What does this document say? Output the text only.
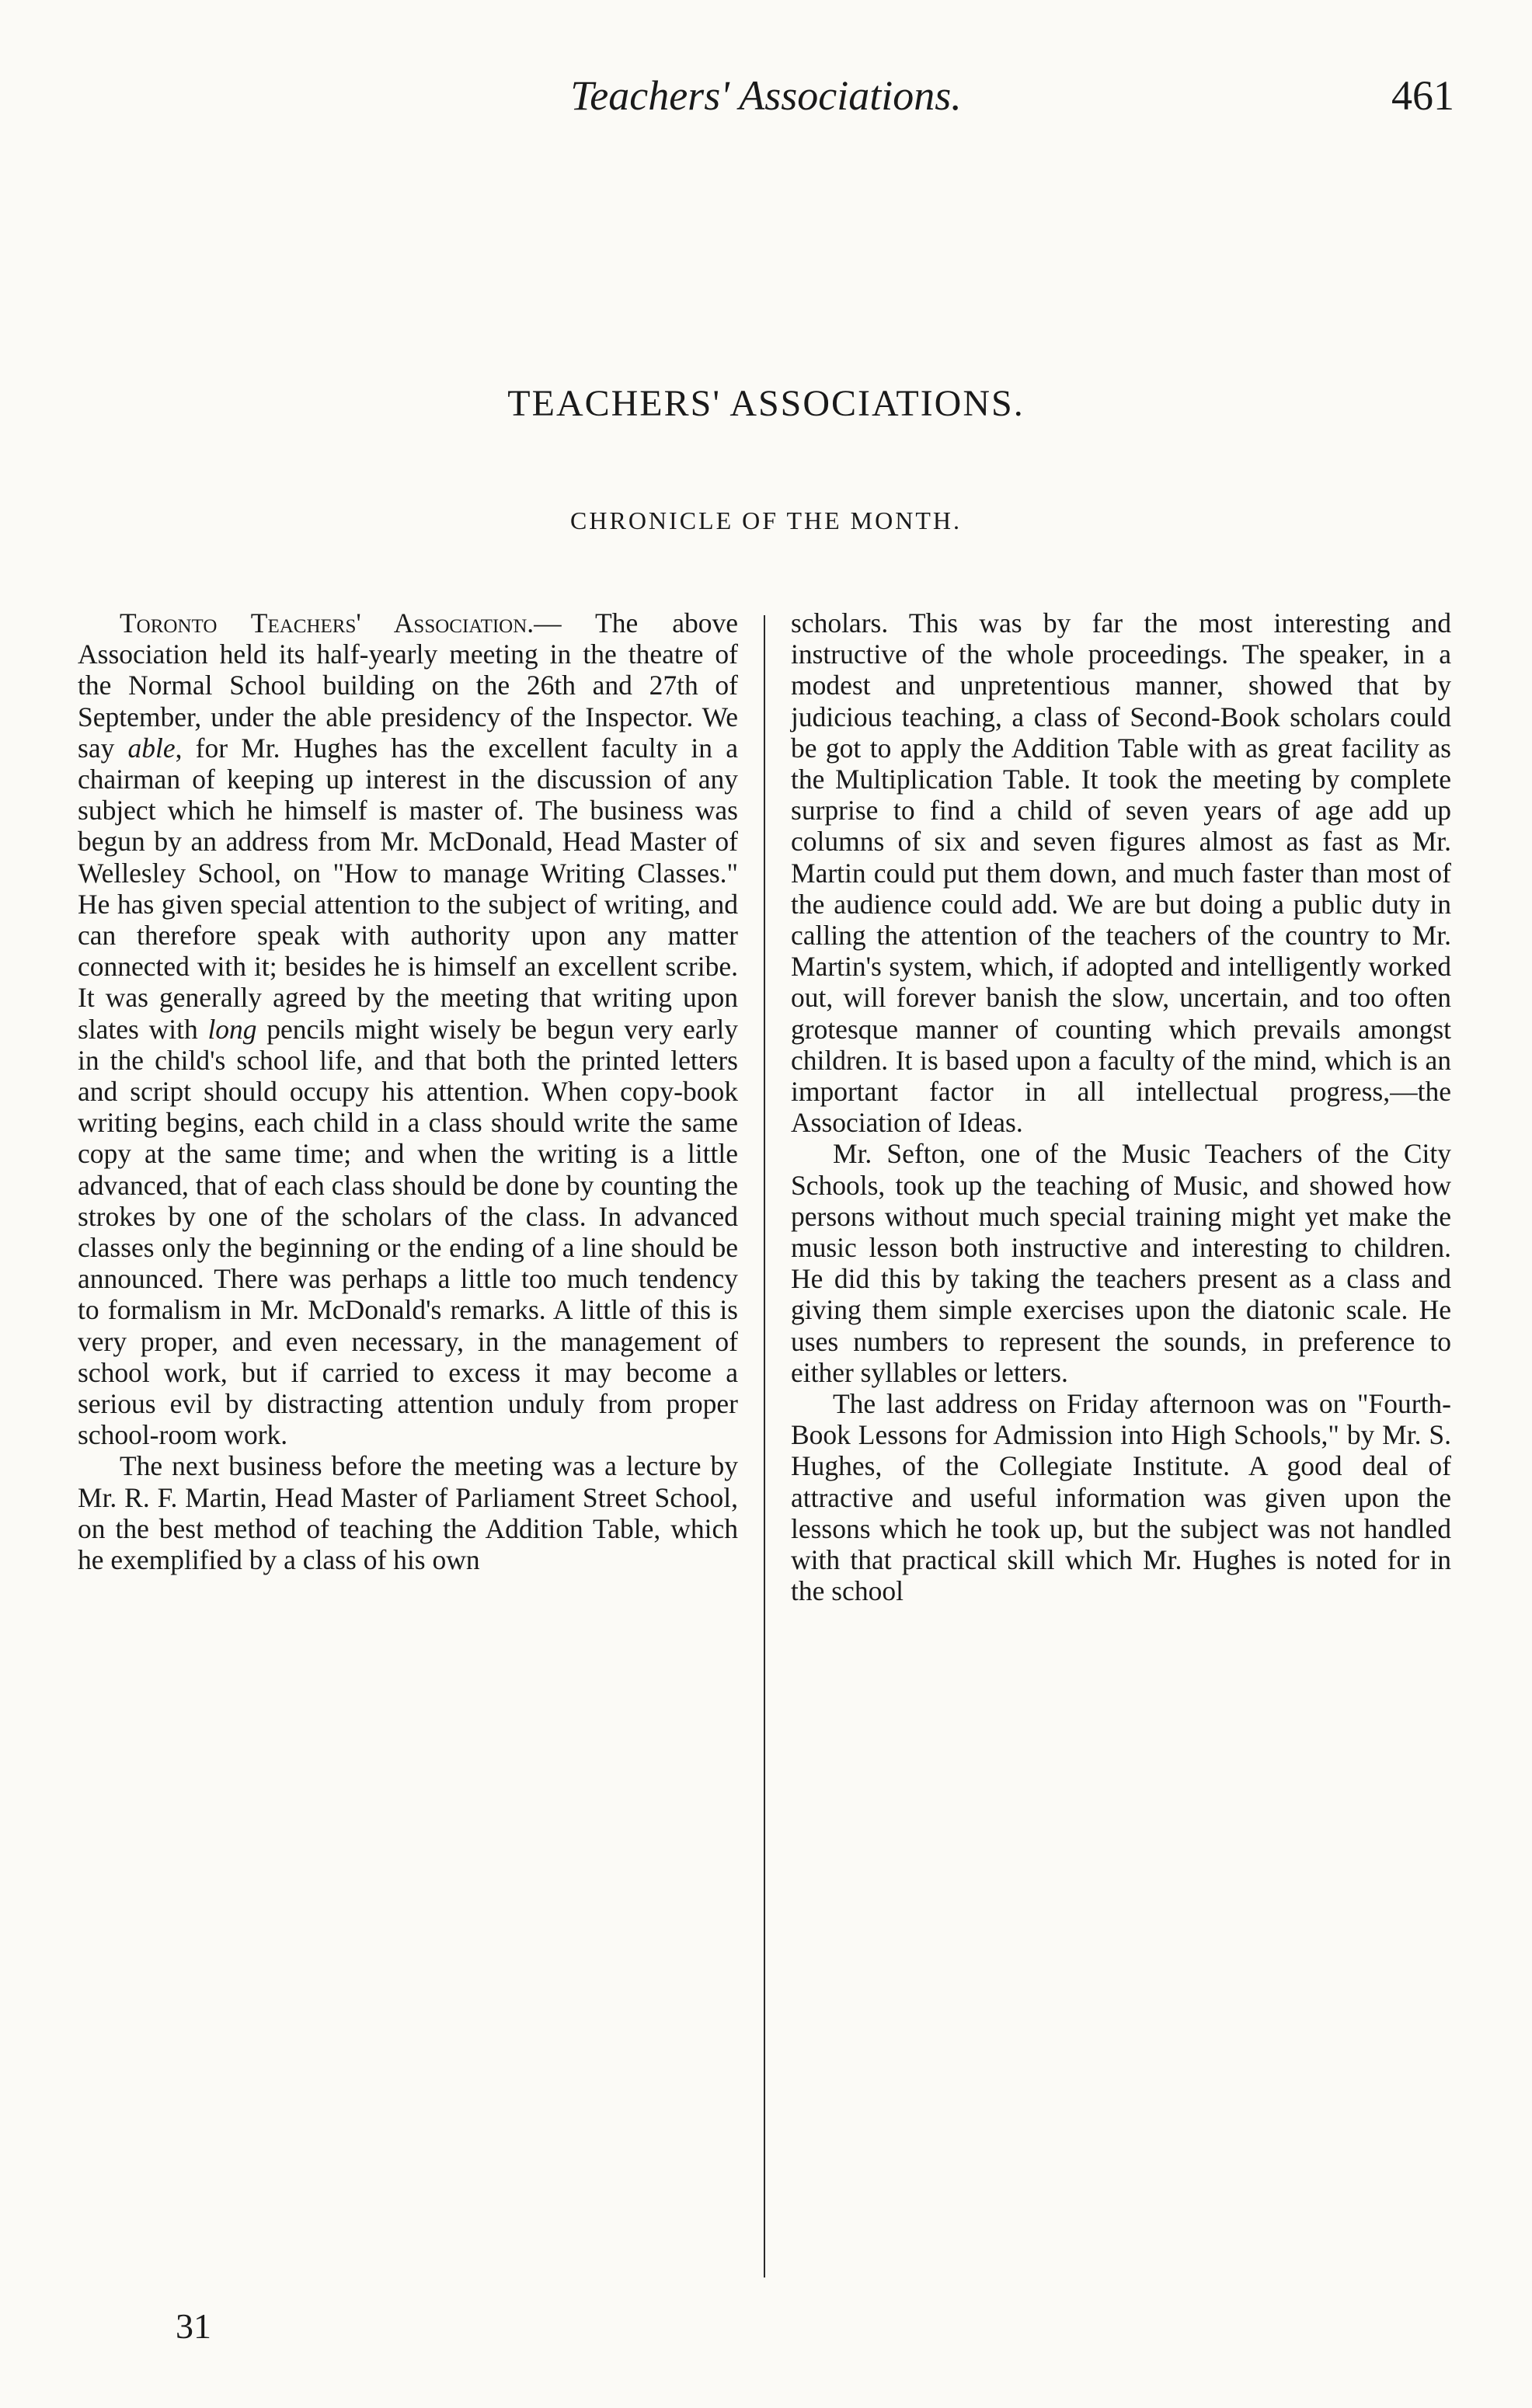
Teachers' Associations.	461
TEACHERS' ASSOCIATIONS.
CHRONICLE OF THE MONTH.

Toronto Teachers' Association.— The above Association held its half-yearly meeting in the theatre of the Normal School building on the 26th and 27th of September, under the able presidency of the Inspector. We say able, for Mr. Hughes has the excellent faculty in a chairman of keeping up interest in the discussion of any subject which he himself is master of. The business was begun by an address from Mr. McDonald, Head Master of Wellesley School, on "How to manage Writing Classes." He has given special attention to the subject of writing, and can therefore speak with authority upon any matter connected with it; besides he is himself an excellent scribe. It was generally agreed by the meeting that writing upon slates with long pencils might wisely be begun very early in the child's school life, and that both the printed letters and script should occupy his attention. When copy-book writing begins, each child in a class should write the same copy at the same time; and when the writing is a little advanced, that of each class should be done by counting the strokes by one of the scholars of the class. In advanced classes only the beginning or the ending of a line should be announced. There was perhaps a little too much tendency to formalism in Mr. McDonald's remarks. A little of this is very proper, and even necessary, in the management of school work, but if carried to excess it may become a serious evil by distracting attention unduly from proper school-room work.

The next business before the meeting was a lecture by Mr. R. F. Martin, Head Master of Parliament Street School, on the best method of teaching the Addition Table, which he exemplified by a class of his own

scholars. This was by far the most interesting and instructive of the whole proceedings. The speaker, in a modest and unpretentious manner, showed that by judicious teaching, a class of Second-Book scholars could be got to apply the Addition Table with as great facility as the Multiplication Table. It took the meeting by complete surprise to find a child of seven years of age add up columns of six and seven figures almost as fast as Mr. Martin could put them down, and much faster than most of the audience could add. We are but doing a public duty in calling the attention of the teachers of the country to Mr. Martin's system, which, if adopted and intelligently worked out, will forever banish the slow, uncertain, and too often grotesque manner of counting which prevails amongst children. It is based upon a faculty of the mind, which is an important factor in all intellectual progress,—the Association of Ideas.

Mr. Sefton, one of the Music Teachers of the City Schools, took up the teaching of Music, and showed how persons without much special training might yet make the music lesson both instructive and interesting to children. He did this by taking the teachers present as a class and giving them simple exercises upon the diatonic scale. He uses numbers to represent the sounds, in preference to either syllables or letters.

The last address on Friday afternoon was on "Fourth-Book Lessons for Admission into High Schools," by Mr. S. Hughes, of the Collegiate Institute. A good deal of attractive and useful information was given upon the lessons which he took up, but the subject was not handled with that practical skill which Mr. Hughes is noted for in the school

31
